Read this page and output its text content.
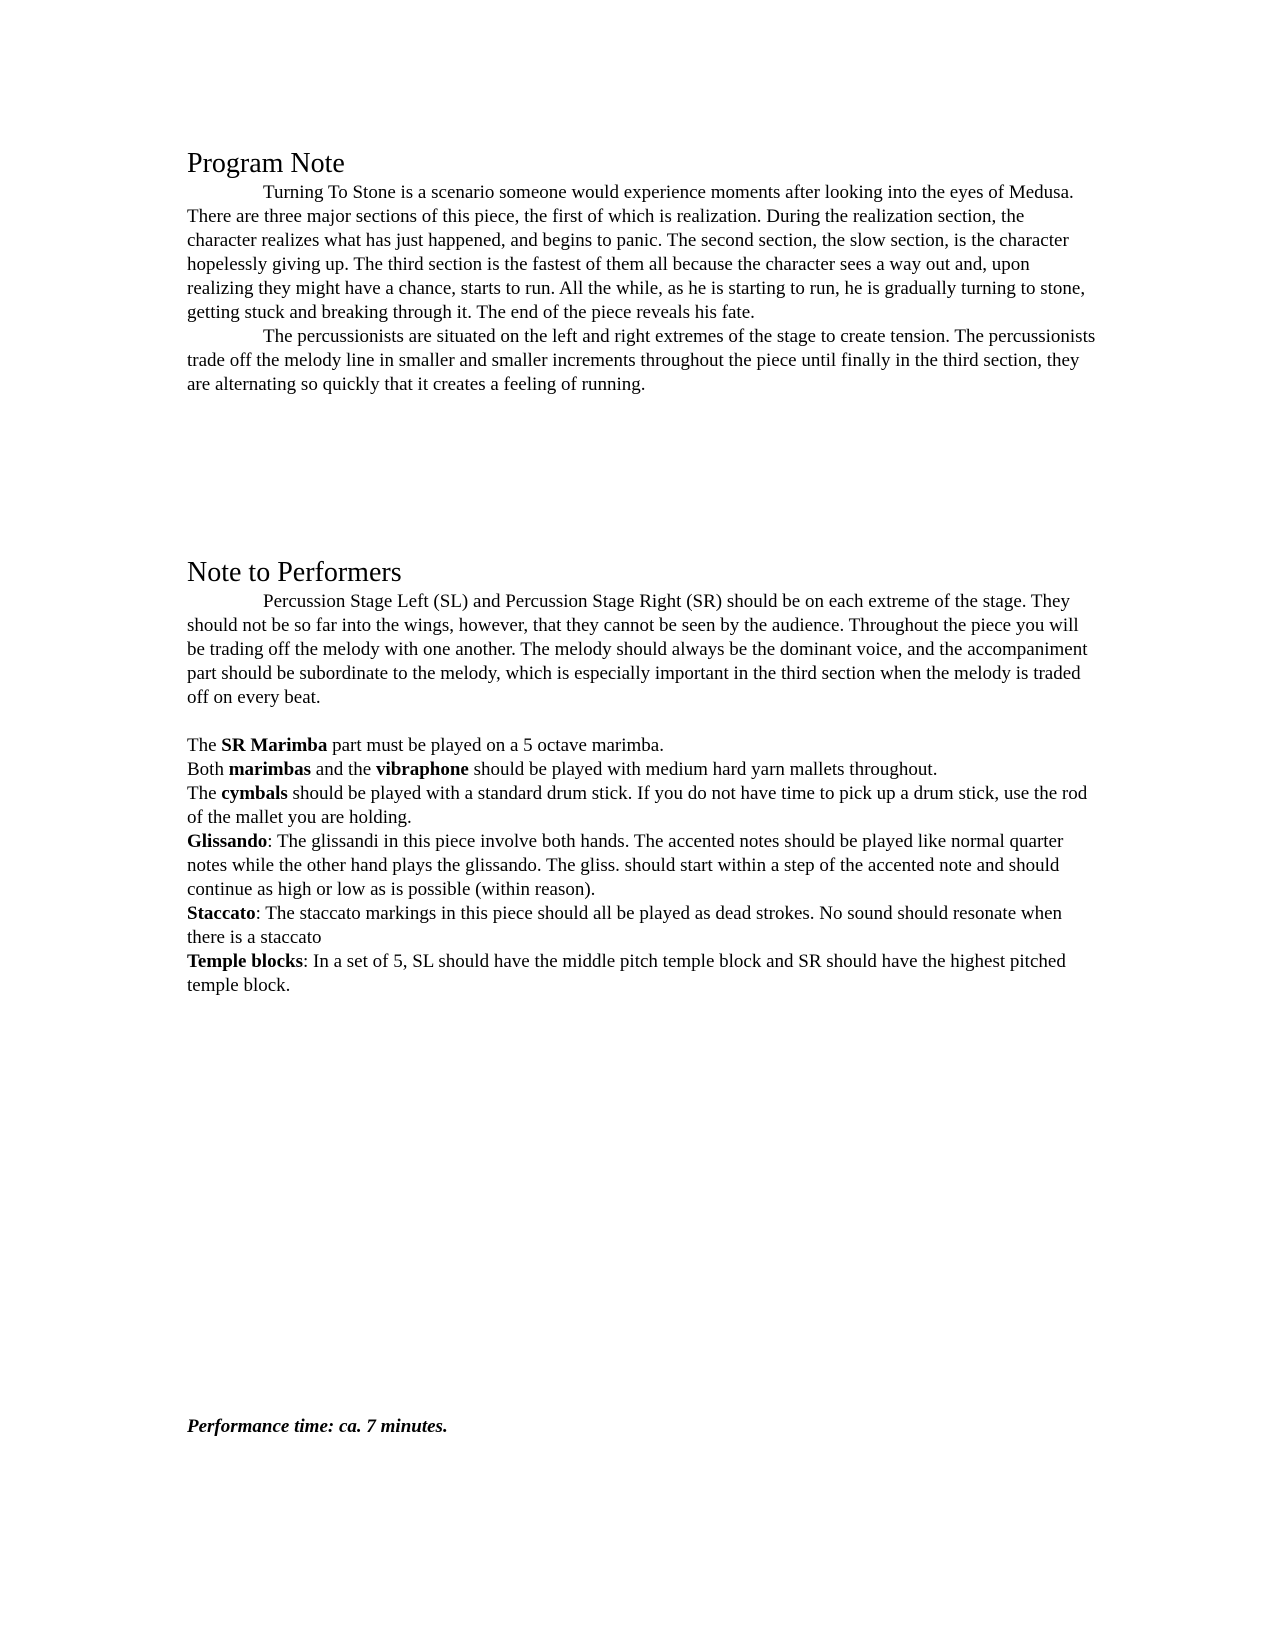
Program Note

Turning To Stone is a scenario someone would experience moments after looking into the eyes of Medusa. There are three major sections of this piece, the first of which is realization. During the realization section, the character realizes what has just happened, and begins to panic. The second section, the slow section, is the character hopelessly giving up. The third section is the fastest of them all because the character sees a way out and, upon realizing they might have a chance, starts to run. All the while, as he is starting to run, he is gradually turning to stone, getting stuck and breaking through it. The end of the piece reveals his fate.

The percussionists are situated on the left and right extremes of the stage to create tension. The percussionists trade off the melody line in smaller and smaller increments throughout the piece until finally in the third section, they are alternating so quickly that it creates a feeling of running.

Note to Performers

Percussion Stage Left (SL) and Percussion Stage Right (SR) should be on each extreme of the stage. They should not be so far into the wings, however, that they cannot be seen by the audience. Throughout the piece you will be trading off the melody with one another. The melody should always be the dominant voice, and the accompaniment part should be subordinate to the melody, which is especially important in the third section when the melody is traded off on every beat.

The SR Marimba part must be played on a 5 octave marimba.

Both marimbas and the vibraphone should be played with medium hard yarn mallets throughout.

The cymbals should be played with a standard drum stick. If you do not have time to pick up a drum stick, use the rod of the mallet you are holding.

Glissando: The glissandi in this piece involve both hands. The accented notes should be played like normal quarter notes while the other hand plays the glissando. The gliss. should start within a step of the accented note and should continue as high or low as is possible (within reason).

Staccato: The staccato markings in this piece should all be played as dead strokes. No sound should resonate when there is a staccato

Temple blocks: In a set of 5, SL should have the middle pitch temple block and SR should have the highest pitched temple block.

Performance time: ca. 7 minutes.
